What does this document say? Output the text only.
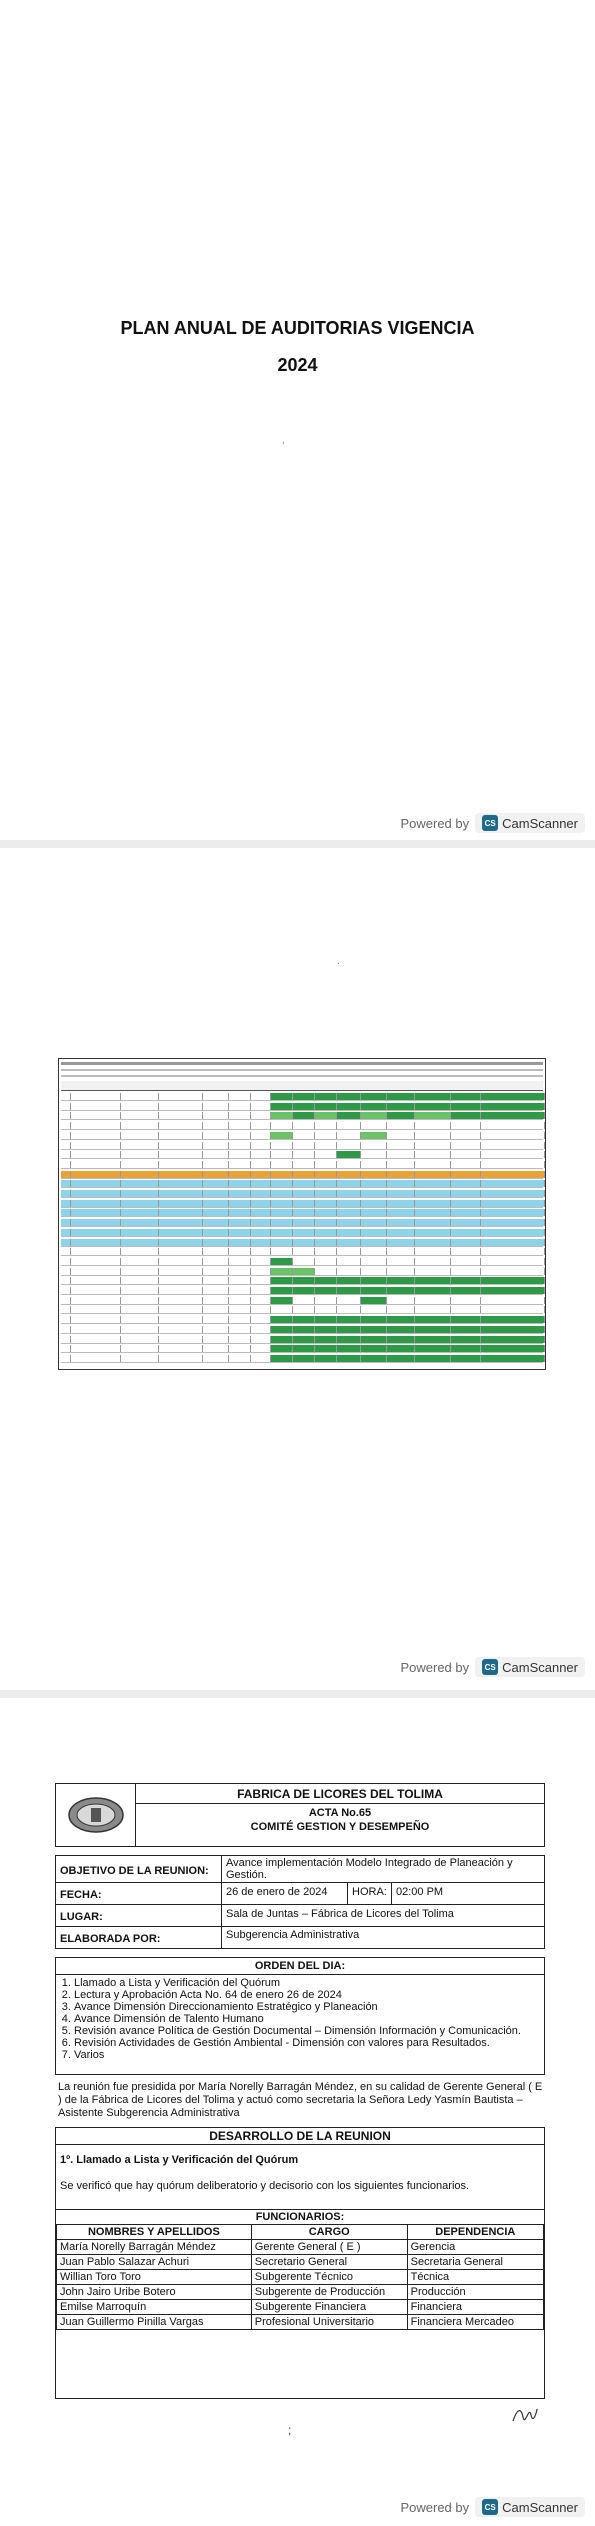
PLAN ANUAL DE AUDITORIAS VIGENCIA
2024
,
Powered by	CS CamScanner
.
Powered by	CS CamScanner
FABRICA DE LICORES DEL TOLIMA
ACTA No.65
COMITÉ GESTION Y DESEMPEÑO
OBJETIVO DE LA REUNION:
Avance implementación Modelo Integrado de Planeación y Gestión.
FECHA:	26 de enero de 2024	HORA: 02:00 PM
LUGAR:	Sala de Juntas – Fábrica de Licores del Tolima
ELABORADA POR:	Subgerencia Administrativa
ORDEN DEL DIA:
1. Llamado a Lista y Verificación del Quórum
2. Lectura y Aprobación Acta No. 64 de enero 26 de 2024
3. Avance Dimensión Direccionamiento Estratégico y Planeación
4. Avance Dimensión de Talento Humano
5. Revisión avance Política de Gestión Documental – Dimensión Información y Comunicación.
6. Revisión Actividades de Gestión Ambiental - Dimensión con valores para Resultados.
7. Varios
La reunión fue presidida por María Norelly Barragán Méndez, en su calidad de Gerente General ( E ) de la Fábrica de Licores del Tolima y actuó como secretaria la Señora Ledy Yasmín Bautista – Asistente Subgerencia Administrativa
DESARROLLO DE LA REUNION
1º. Llamado a Lista y Verificación del Quórum
Se verificó que hay quórum deliberatorio y decisorio con los siguientes funcionarios.
FUNCIONARIOS:
NOMBRES Y APELLIDOS	CARGO	DEPENDENCIA
María Norelly Barragán Méndez	Gerente General ( E )	Gerencia
Juan Pablo Salazar Achuri	Secretario General	Secretaria General
Willian Toro Toro	Subgerente Técnico	Técnica
John Jairo Uribe Botero	Subgerente de Producción	Producción
Emilse Marroquín	Subgerente Financiera	Financiera
Juan Guillermo Pinilla Vargas	Profesional Universitario	Financiera Mercadeo
;
Powered by	CS CamScanner
